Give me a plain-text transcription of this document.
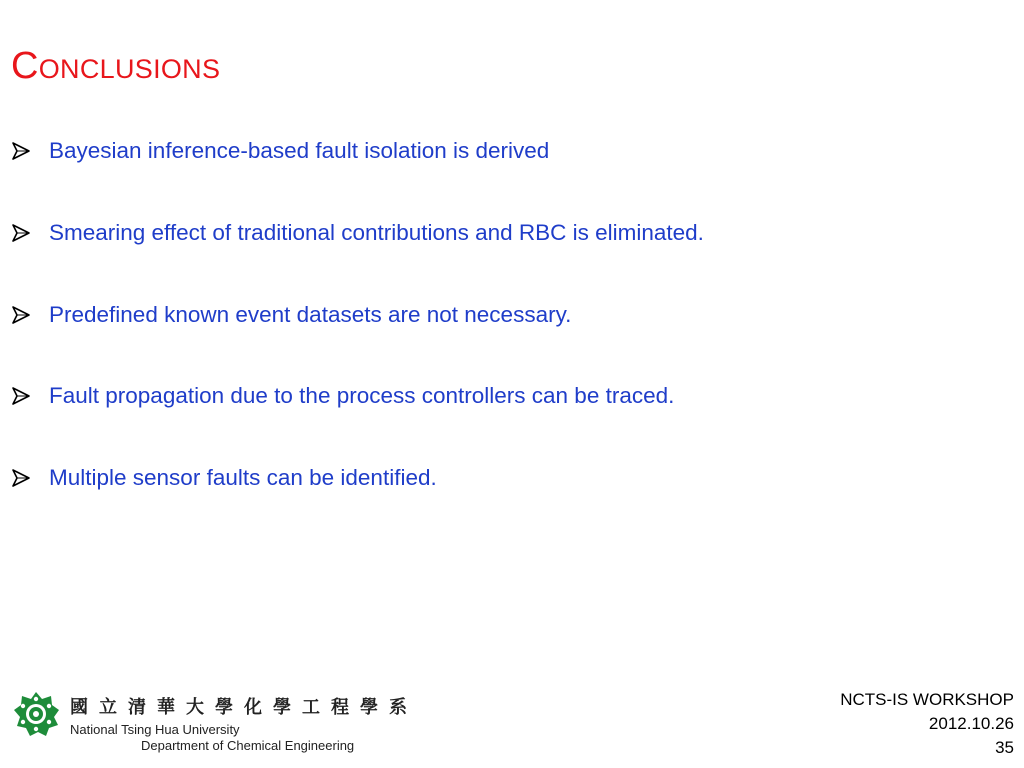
Conclusions
Bayesian inference-based fault isolation is derived
Smearing effect of traditional contributions and RBC is eliminated.
Predefined known event datasets are not necessary.
Fault propagation due to the process controllers can be traced.
Multiple sensor faults can be identified.
國立清華大學化學工程學系
National Tsing Hua University
Department of Chemical Engineering
NCTS-IS WORKSHOP
2012.10.26
35
